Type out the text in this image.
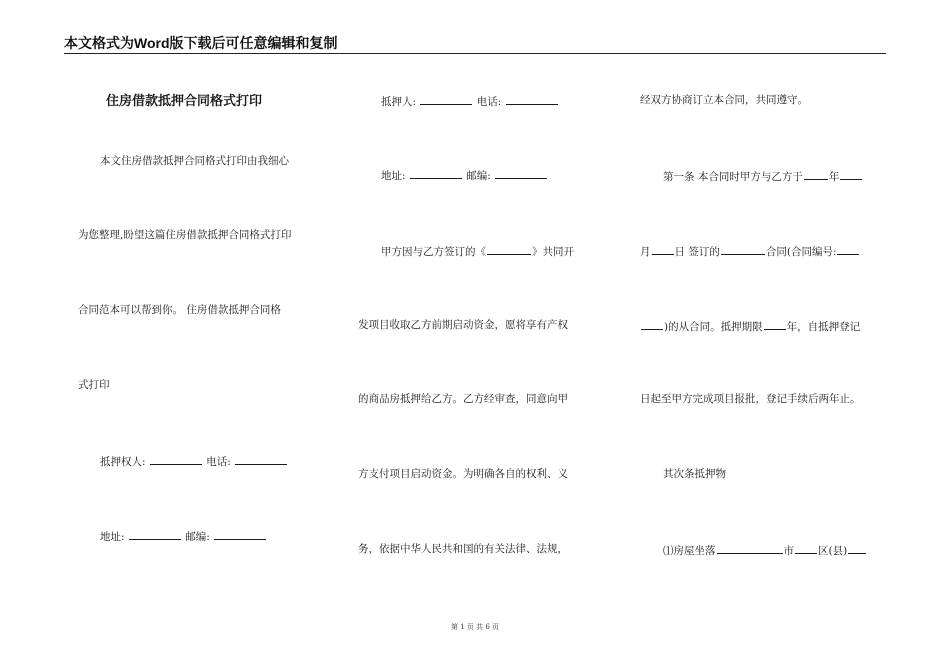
本文格式为Word版下载后可任意编辑和复制
住房借款抵押合同格式打印
本文住房借款抵押合同格式打印由我细心
为您整理,盼望这篇住房借款抵押合同格式打印
合同范本可以帮到你。 住房借款抵押合同格
式打印
抵押权人:	电话:
地址:	邮编:
抵押人:	电话:
地址:	邮编:
甲方因与乙方签订的《	》共同开
发项目收取乙方前期启动资金，愿将享有产权
的商品房抵押给乙方。乙方经审查，同意向甲
方支付项目启动资金。为明确各自的权利、义
务，依据中华人民共和国的有关法律、法规，
经双方协商订立本合同，共同遵守。
第一条 本合同时甲方与乙方于 年
月 日 签订的	合同(合同编号:
)的从合同。抵押期限 年，自抵押登记
日起至甲方完成项目报批，登记手续后两年止。
其次条抵押物
⑴房屋坐落	市 区(县)
第 1 页 共 6 页
